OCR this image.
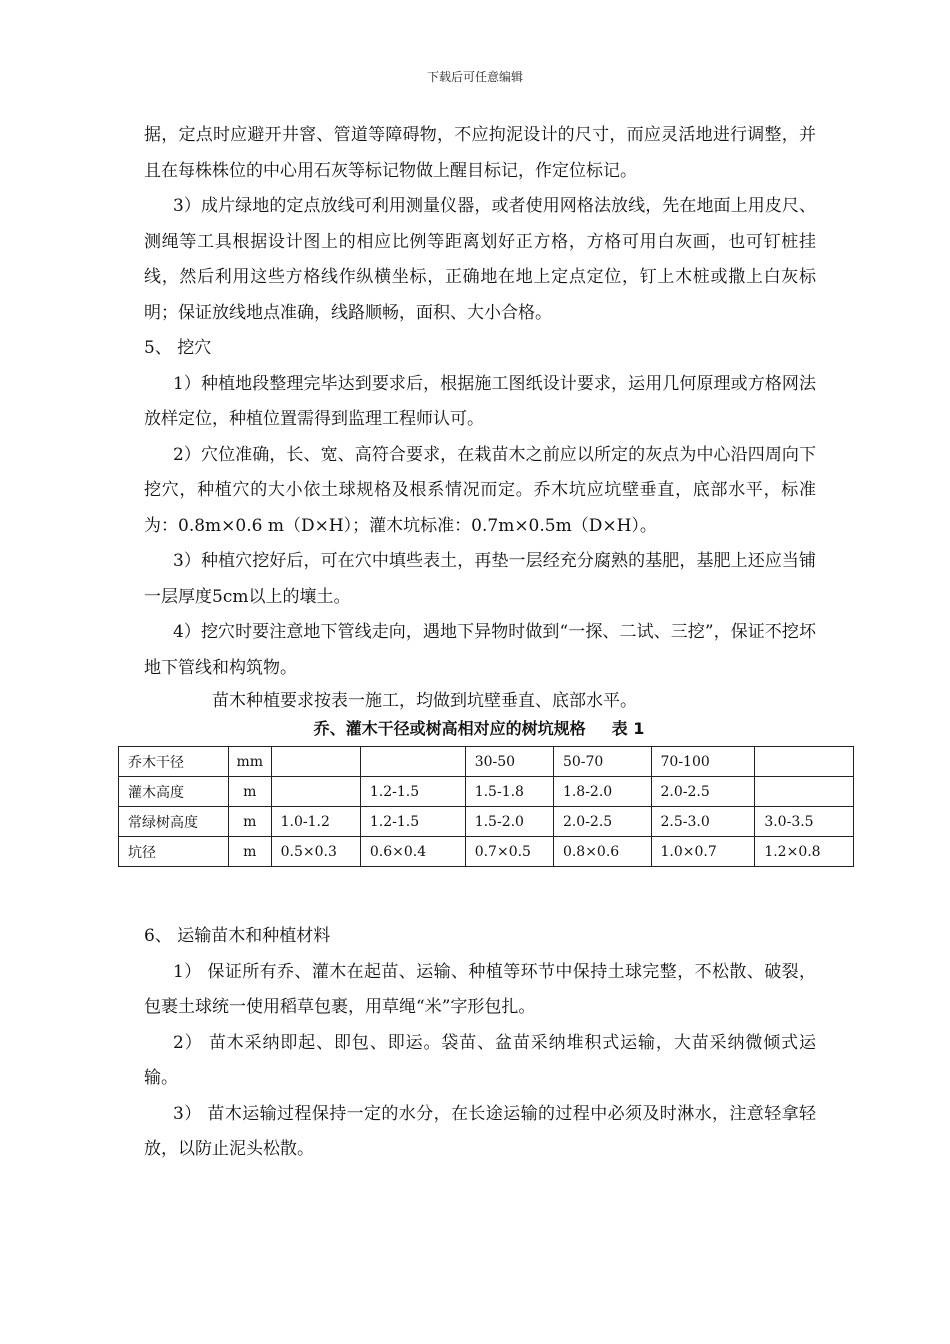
下载后可任意编辑

据，定点时应避开井窨、管道等障碍物，不应拘泥设计的尺寸，而应灵活地进行调整，并且在每株株位的中心用石灰等标记物做上醒目标记，作定位标记。

3）成片绿地的定点放线可利用测量仪器，或者使用网格法放线，先在地面上用皮尺、测绳等工具根据设计图上的相应比例等距离划好正方格，方格可用白灰画，也可钉桩挂线，然后利用这些方格线作纵横坐标，正确地在地上定点定位，钉上木桩或撒上白灰标明；保证放线地点准确，线路顺畅，面积、大小合格。

5、 挖穴

1）种植地段整理完毕达到要求后，根据施工图纸设计要求，运用几何原理或方格网法放样定位，种植位置需得到监理工程师认可。

2）穴位准确，长、宽、高符合要求，在栽苗木之前应以所定的灰点为中心沿四周向下挖穴，种植穴的大小依土球规格及根系情况而定。乔木坑应坑壁垂直，底部水平，标准为：0.8m×0.6 m（D×H）；灌木坑标准：0.7m×0.5m（D×H）。

3）种植穴挖好后，可在穴中填些表土，再垫一层经充分腐熟的基肥，基肥上还应当铺一层厚度5cm以上的壤土。

4）挖穴时要注意地下管线走向，遇地下异物时做到“一探、二试、三挖”，保证不挖坏地下管线和构筑物。

苗木种植要求按表一施工，均做到坑壁垂直、底部水平。

乔、灌木干径或树高相对应的树坑规格 表 1
乔木干径	mm			30-50	50-70	70-100	
灌木高度	m		1.2-1.5	1.5-1.8	1.8-2.0	2.0-2.5	
常绿树高度	m	1.0-1.2	1.2-1.5	1.5-2.0	2.0-2.5	2.5-3.0	3.0-3.5
坑径	m	0.5×0.3	0.6×0.4	0.7×0.5	0.8×0.6	1.0×0.7	1.2×0.8

6、 运输苗木和种植材料

1） 保证所有乔、灌木在起苗、运输、种植等环节中保持土球完整，不松散、破裂，包裹土球统一使用稻草包裹，用草绳“米”字形包扎。

2） 苗木采纳即起、即包、即运。袋苗、盆苗采纳堆积式运输，大苗采纳微倾式运输。

3） 苗木运输过程保持一定的水分，在长途运输的过程中必须及时淋水，注意轻拿轻放，以防止泥头松散。
